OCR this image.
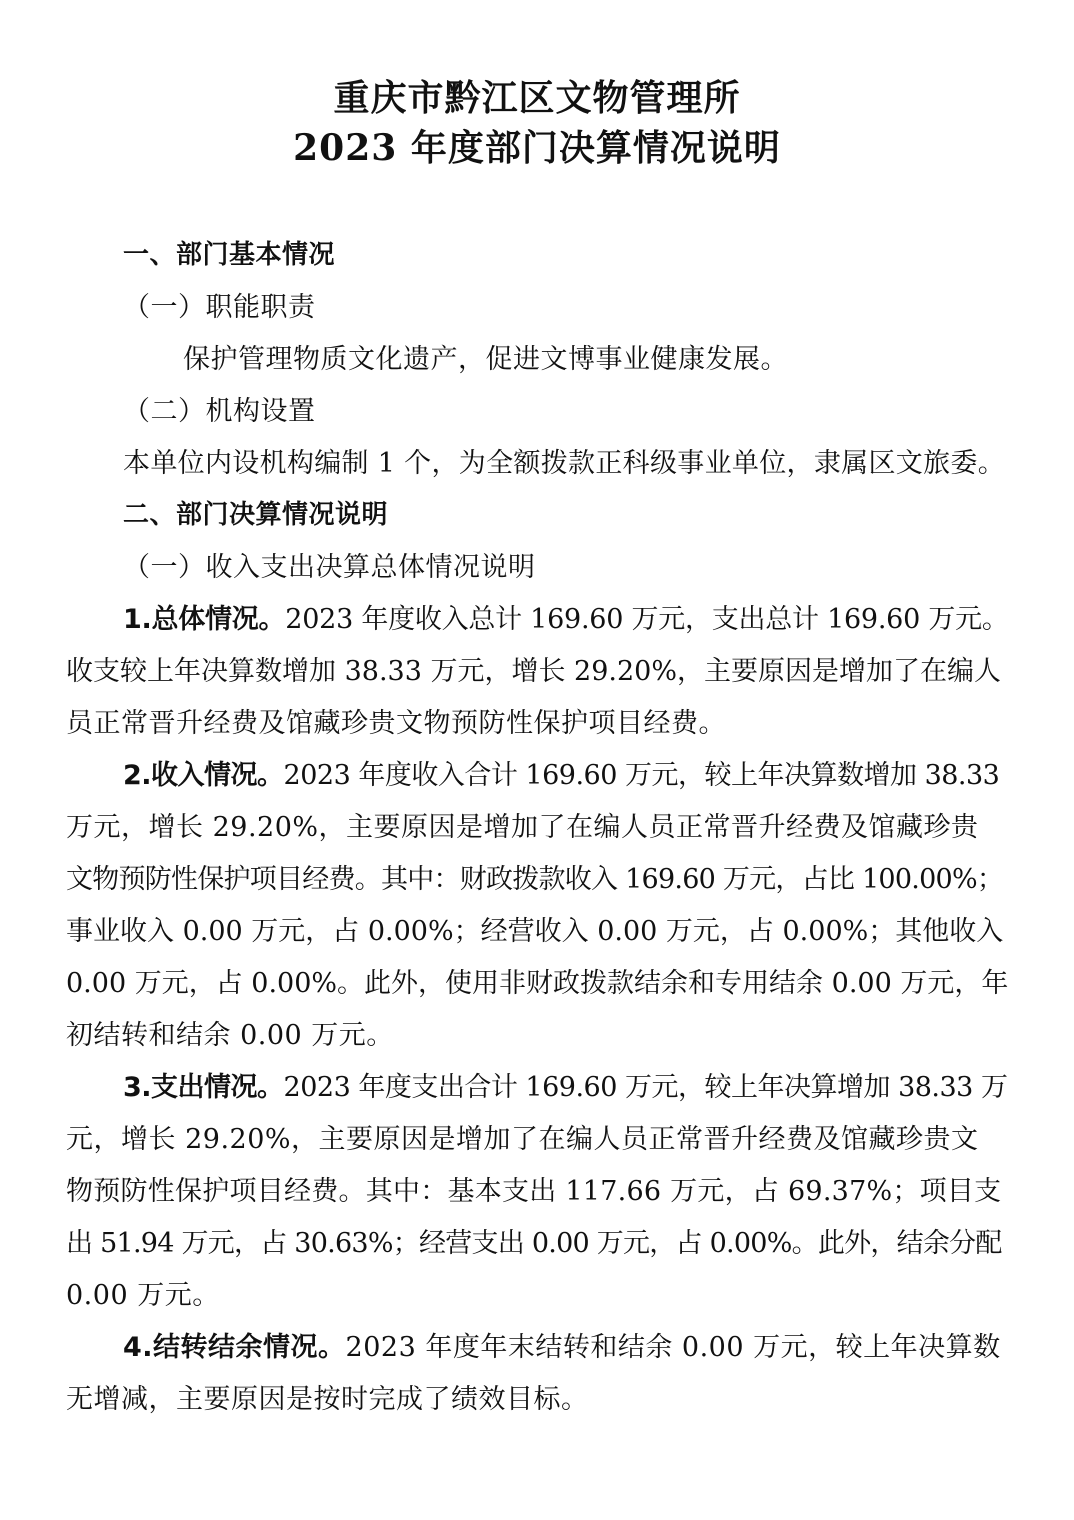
重庆市黔江区文物管理所
2023 年度部门决算情况说明
一、部门基本情况
（一）职能职责
保护管理物质文化遗产，促进文博事业健康发展。
（二）机构设置
本 单 位 内 设 机 构 编 制
1
个 ， 为 全 额 拨 款 正 科 级 事 业 单 位 ， 隶 属 区 文 旅 委 。
二、部门决算情况说明
（一）收入支出决算总体情况说明
1.总体情况。2023 年度收入总计 169.60 万元，支出总计 169.60 万元。
收支较上年决算数增加 38.33 万元，增长 29.20%，主要原因是增加了在编人
员正常晋升经费及馆藏珍贵文物预防性保护项目经费。
2.收入情况。2023 年度收入合计 169.60 万元，较上年决算数增加 38.33
万元，增长 29.20%，主要原因是增加了在编人员正常晋升经费及馆藏珍贵
文物预防性保护项目经费。其中：财政拨款收入 169.60 万元，占比 100.00%；
事业收入 0.00 万元，占 0.00%；经营收入 0.00 万元，占 0.00%；其他收入
0.00 万元，占 0.00%。此外，使用非财政拨款结余和专用结余 0.00 万元，年
初结转和结余 0.00 万元。
3.支出情况。2023 年度支出合计 169.60 万元，较上年决算增加 38.33 万
元，增长 29.20%，主要原因是增加了在编人员正常晋升经费及馆藏珍贵文
物预防性保护项目经费。其中：基本支出 117.66 万元，占 69.37%；项目支
出 51.94 万元，占 30.63%；经营支出 0.00 万元，占 0.00%。此外，结余分配
0.00 万元。
4.结转结余情况。2023 年度年末结转和结余 0.00 万元，较上年决算数
无增减，主要原因是按时完成了绩效目标。
